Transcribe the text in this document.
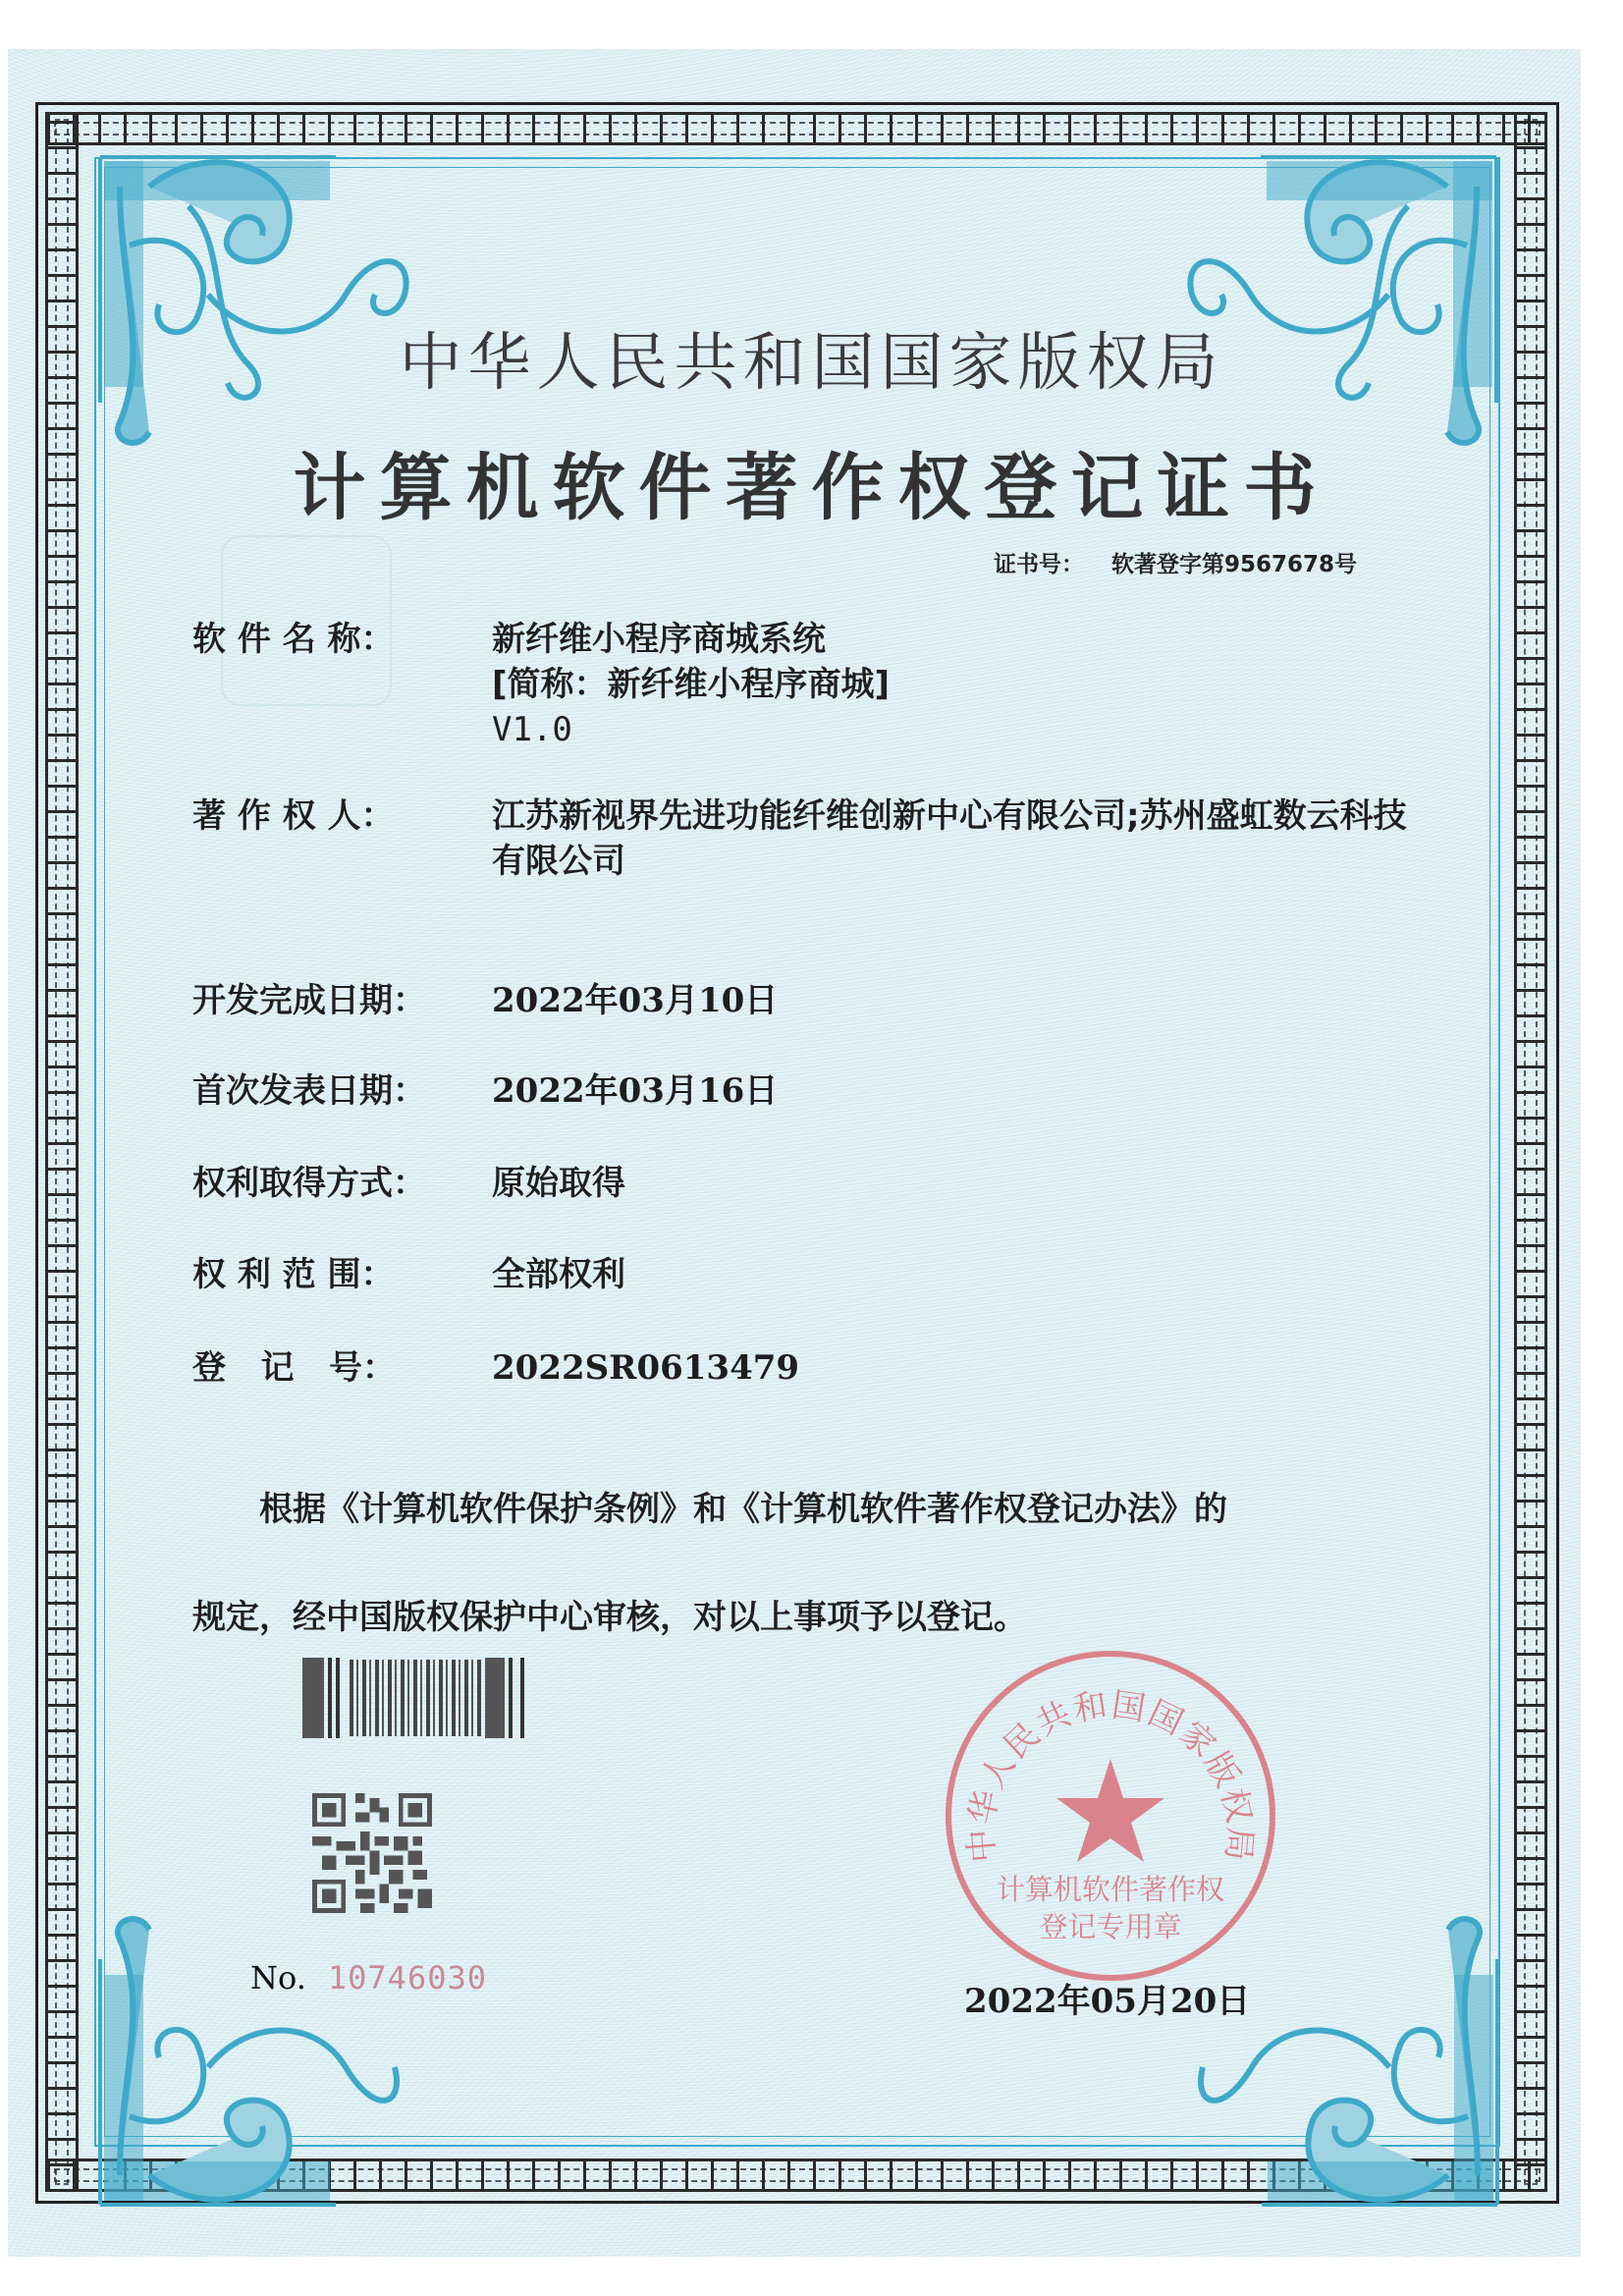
中华人民共和国国家版权局
计算机软件著作权登记证书
证书号： 软著登字第9567678号
软 件 名 称：	新纤维小程序商城系统
[简称：新纤维小程序商城]
V1.0
著 作 权 人：	江苏新视界先进功能纤维创新中心有限公司;苏州盛虹数云科技有限公司
开发完成日期： 2022年03月10日
首次发表日期： 2022年03月16日
权利取得方式： 原始取得
权 利 范 围：	全部权利
登   记   号：	2022SR0613479
根据《计算机软件保护条例》和《计算机软件著作权登记办法》的
规定，经中国版权保护中心审核，对以上事项予以登记。
No. 10746030
中华人民共和国国家版权局
计算机软件著作权
登记专用章
2022年05月20日
